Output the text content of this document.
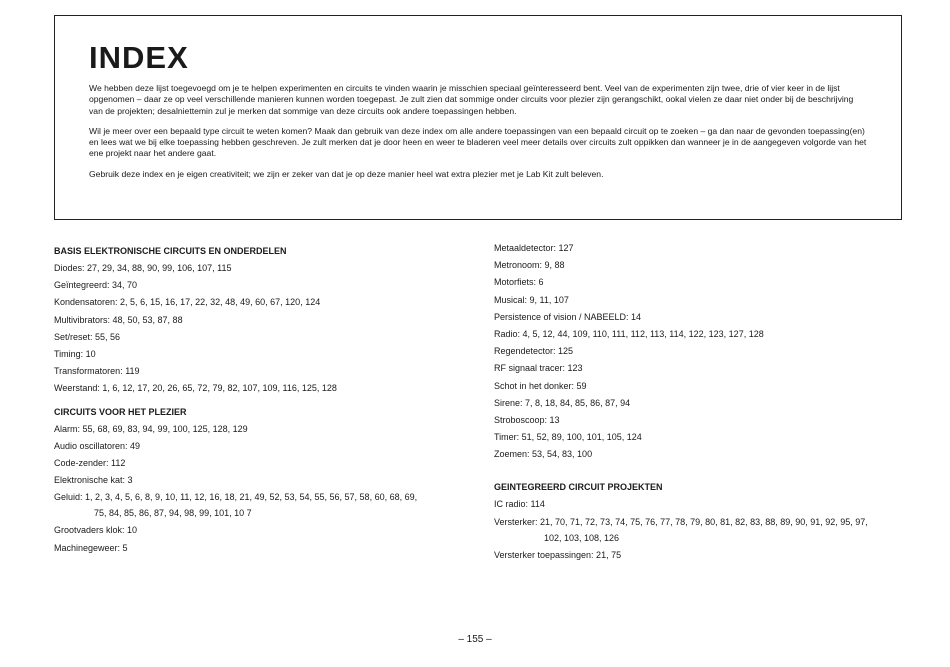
INDEX

We hebben deze lijst toegevoegd om je te helpen experimenten en circuits te vinden waarin je misschien speciaal geïnteresseerd bent. Veel van de experimenten zijn twee, drie of vier keer in de lijst opgenomen – daar ze op veel verschillende manieren kunnen worden toegepast. Je zult zien dat sommige onder circuits voor plezier zijn gerangschikt, ookal vielen ze daar niet onder bij de beschrijving van de projekten; desalniettemin zul je merken dat sommige van deze circuits ook andere toepassingen hebben.

Wil je meer over een bepaald type circuit te weten komen? Maak dan gebruik van deze index om alle andere toepassingen van een bepaald circuit op te zoeken – ga dan naar de gevonden toepassing(en) en lees wat we bij elke toepassing hebben geschreven. Je zult merken dat je door heen en weer te bladeren veel meer details over circuits zult oppikken dan wanneer je in de aangegeven volgorde van het ene projekt naar het andere gaat.

Gebruik deze index en je eigen creativiteit; we zijn er zeker van dat je op deze manier heel wat extra plezier met je Lab Kit zult beleven.

BASIS ELEKTRONISCHE CIRCUITS EN ONDERDELEN
Diodes: 27, 29, 34, 88, 90, 99, 106, 107, 115
Geïntegreerd: 34, 70
Kondensatoren: 2, 5, 6, 15, 16, 17, 22, 32, 48, 49, 60, 67, 120, 124
Multivibrators: 48, 50, 53, 87, 88
Set/reset: 55, 56
Timing: 10
Transformatoren: 119
Weerstand: 1, 6, 12, 17, 20, 26, 65, 72, 79, 82, 107, 109, 116, 125, 128
CIRCUITS VOOR HET PLEZIER
Alarm: 55, 68, 69, 83, 94, 99, 100, 125, 128, 129
Audio oscillatoren: 49
Code-zender: 112
Elektronische kat: 3
Geluid: 1, 2, 3, 4, 5, 6, 8, 9, 10, 11, 12, 16, 18, 21, 49, 52, 53, 54, 55, 56, 57, 58, 60, 68, 69,
75, 84, 85, 86, 87, 94, 98, 99, 101, 10 7
Grootvaders klok: 10
Machinegeweer: 5
Metaaldetector: 127
Metronoom: 9, 88
Motorfiets: 6
Musical: 9, 11, 107
Persistence of vision / NABEELD: 14
Radio: 4, 5, 12, 44, 109, 110, 111, 112, 113, 114, 122, 123, 127, 128
Regendetector: 125
RF signaal tracer: 123
Schot in het donker: 59
Sirene: 7, 8, 18, 84, 85, 86, 87, 94
Stroboscoop: 13
Timer: 51, 52, 89, 100, 101, 105, 124
Zoemen: 53, 54, 83, 100
GEINTEGREERD CIRCUIT PROJEKTEN
IC radio: 114
Versterker: 21, 70, 71, 72, 73, 74, 75, 76, 77, 78, 79, 80, 81, 82, 83, 88, 89, 90, 91, 92, 95, 97,
102, 103, 108, 126
Versterker toepassingen: 21, 75
– 155 –
